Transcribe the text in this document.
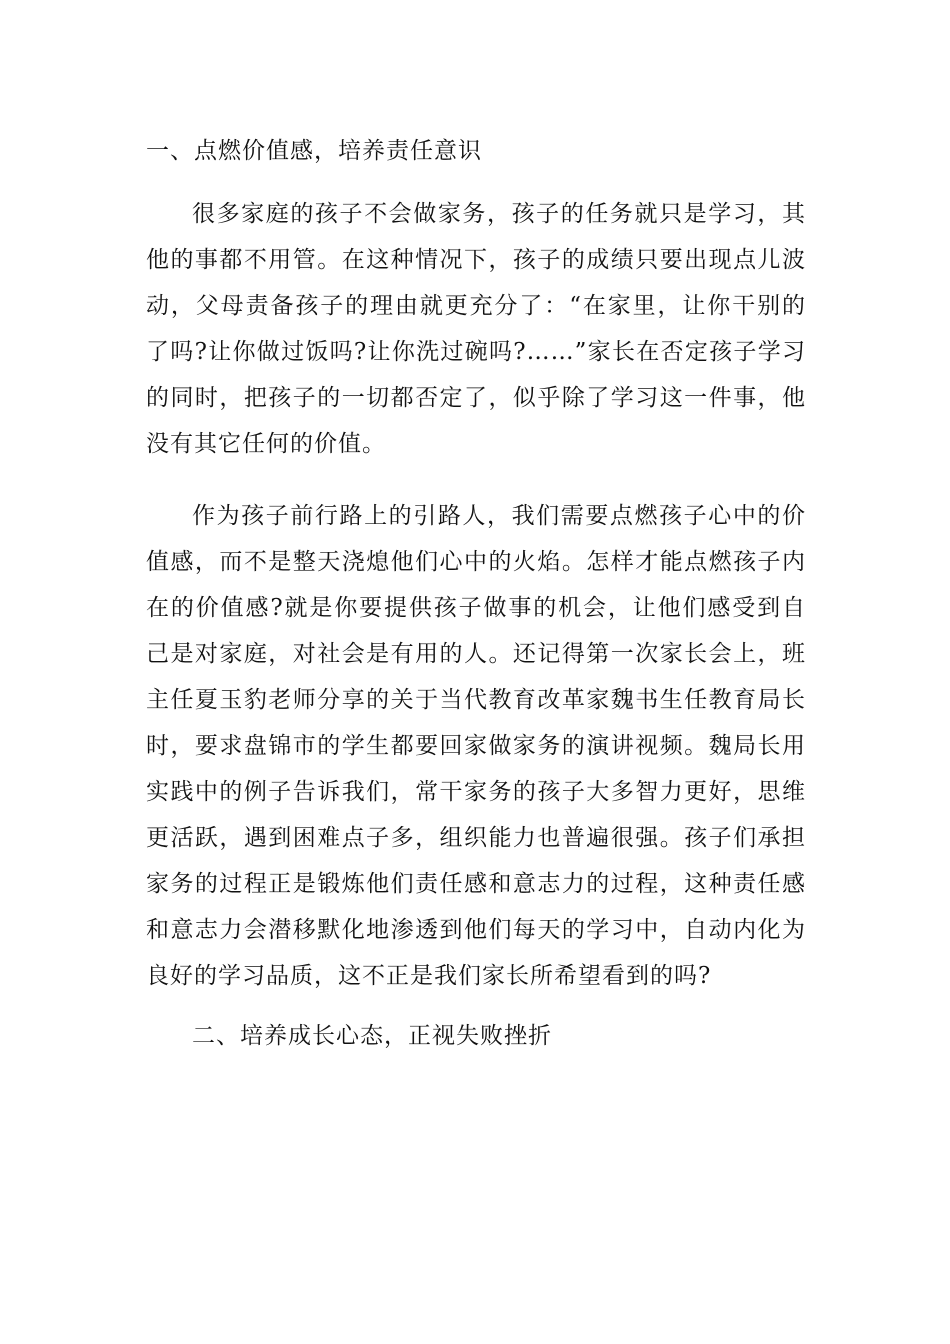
一、点燃价值感，培养责任意识

很多家庭的孩子不会做家务，孩子的任务就只是学习，其他的事都不用管。在这种情况下，孩子的成绩只要出现点儿波动，父母责备孩子的理由就更充分了：“在家里，让你干别的了吗?让你做过饭吗?让你洗过碗吗?……”家长在否定孩子学习的同时，把孩子的一切都否定了，似乎除了学习这一件事，他没有其它任何的价值。

作为孩子前行路上的引路人，我们需要点燃孩子心中的价值感，而不是整天浇熄他们心中的火焰。怎样才能点燃孩子内在的价值感?就是你要提供孩子做事的机会，让他们感受到自己是对家庭，对社会是有用的人。还记得第一次家长会上，班主任夏玉豹老师分享的关于当代教育改革家魏书生任教育局长时，要求盘锦市的学生都要回家做家务的演讲视频。魏局长用实践中的例子告诉我们，常干家务的孩子大多智力更好，思维更活跃，遇到困难点子多，组织能力也普遍很强。孩子们承担家务的过程正是锻炼他们责任感和意志力的过程，这种责任感和意志力会潜移默化地渗透到他们每天的学习中，自动内化为良好的学习品质，这不正是我们家长所希望看到的吗?

二、培养成长心态，正视失败挫折
